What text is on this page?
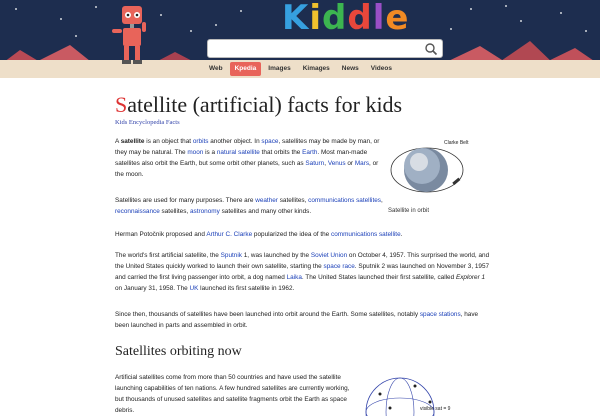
Kiddle
Web	Kpedia	Images	Kimages	News	Videos
Satellite (artificial) facts for kids
Kids Encyclopedia Facts

A satellite is an object that orbits another object. In space, satellites may be made by man, or they may be natural. The moon is a natural satellite that orbits the Earth. Most man-made satellites also orbit the Earth, but some orbit other planets, such as Saturn, Venus or Mars, or the moon.

Satellites are used for many purposes. There are weather satellites, communications satellites, reconnaissance satellites, astronomy satellites and many other kinds.

Herman Potočnik proposed and Arthur C. Clarke popularized the idea of the communications satellite.

The world's first artificial satellite, the Sputnik 1, was launched by the Soviet Union on October 4, 1957. This surprised the world, and the United States quickly worked to launch their own satellite, starting the space race. Sputnik 2 was launched on November 3, 1957 and carried the first living passenger into orbit, a dog named Laika. The United States launched their first satellite, called Explorer 1 on January 31, 1958. The UK launched its first satellite in 1962.

Since then, thousands of satellites have been launched into orbit around the Earth. Some satellites, notably space stations, have been launched in parts and assembled in orbit.

Satellites orbiting now

Artificial satellites come from more than 50 countries and have used the satellite launching capabilities of ten nations. A few hundred satellites are currently working, but thousands of unused satellites and satellite fragments orbit the Earth as space debris.

Clarke Belt
Satellite in orbit
visible sat = 9
